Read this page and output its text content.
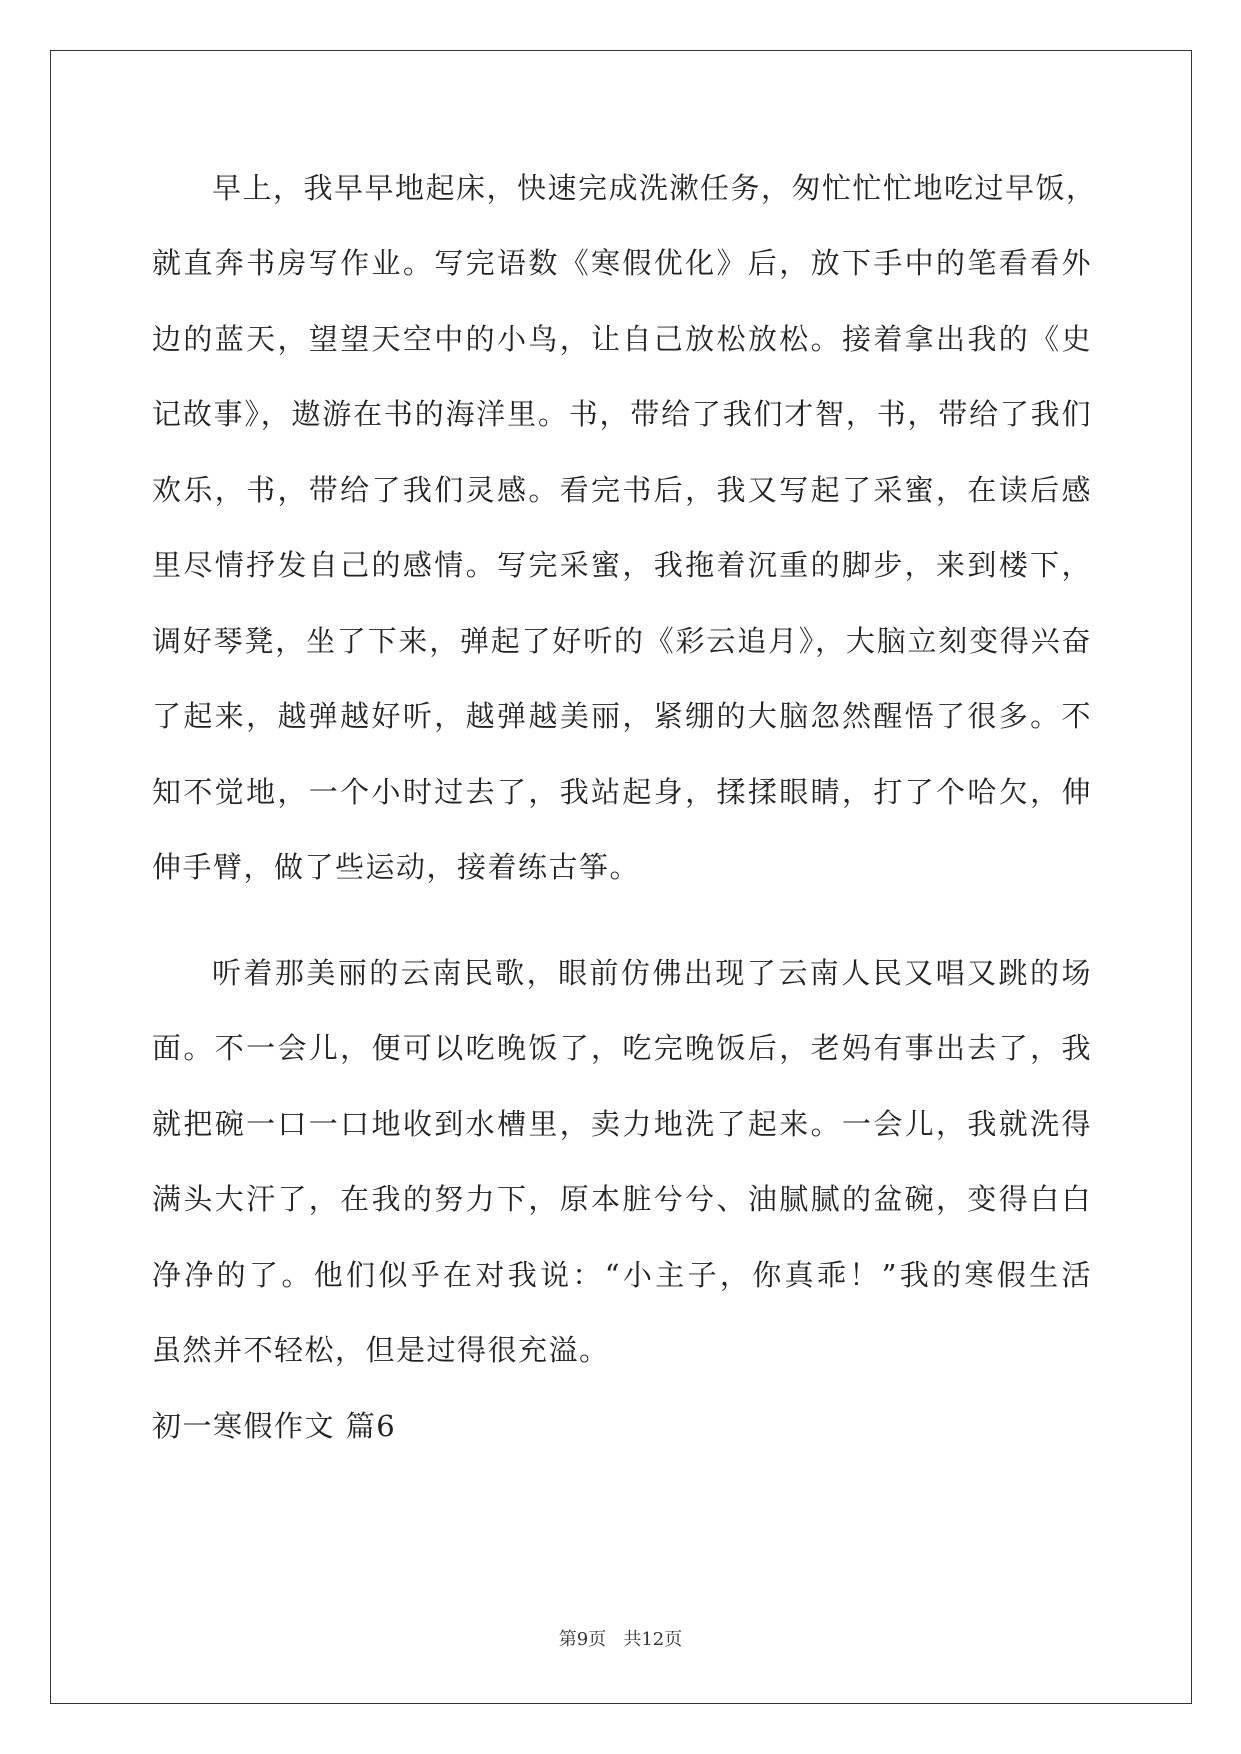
早上，我早早地起床，快速完成洗漱任务，匆忙忙忙地吃过早饭，
就直奔书房写作业。写完语数《寒假优化》后，放下手中的笔看看外
边的蓝天，望望天空中的小鸟，让自己放松放松。接着拿出我的《史
记故事》，遨游在书的海洋里。书，带给了我们才智，书，带给了我们
欢乐，书，带给了我们灵感。看完书后，我又写起了采蜜，在读后感
里尽情抒发自己的感情。写完采蜜，我拖着沉重的脚步，来到楼下，
调好琴凳，坐了下来，弹起了好听的《彩云追月》，大脑立刻变得兴奋
了起来，越弹越好听，越弹越美丽，紧绷的大脑忽然醒悟了很多。不
知不觉地，一个小时过去了，我站起身，揉揉眼睛，打了个哈欠，伸
伸手臂，做了些运动，接着练古筝。
听着那美丽的云南民歌，眼前仿佛出现了云南人民又唱又跳的场
面。不一会儿，便可以吃晚饭了，吃完晚饭后，老妈有事出去了，我
就把碗一口一口地收到水槽里，卖力地洗了起来。一会儿，我就洗得
满头大汗了，在我的努力下，原本脏兮兮、油腻腻的盆碗，变得白白
净净的了。他们似乎在对我说：“小主子，你真乖！”我的寒假生活
虽然并不轻松，但是过得很充溢。
初一寒假作文 篇6
第9页   共12页
